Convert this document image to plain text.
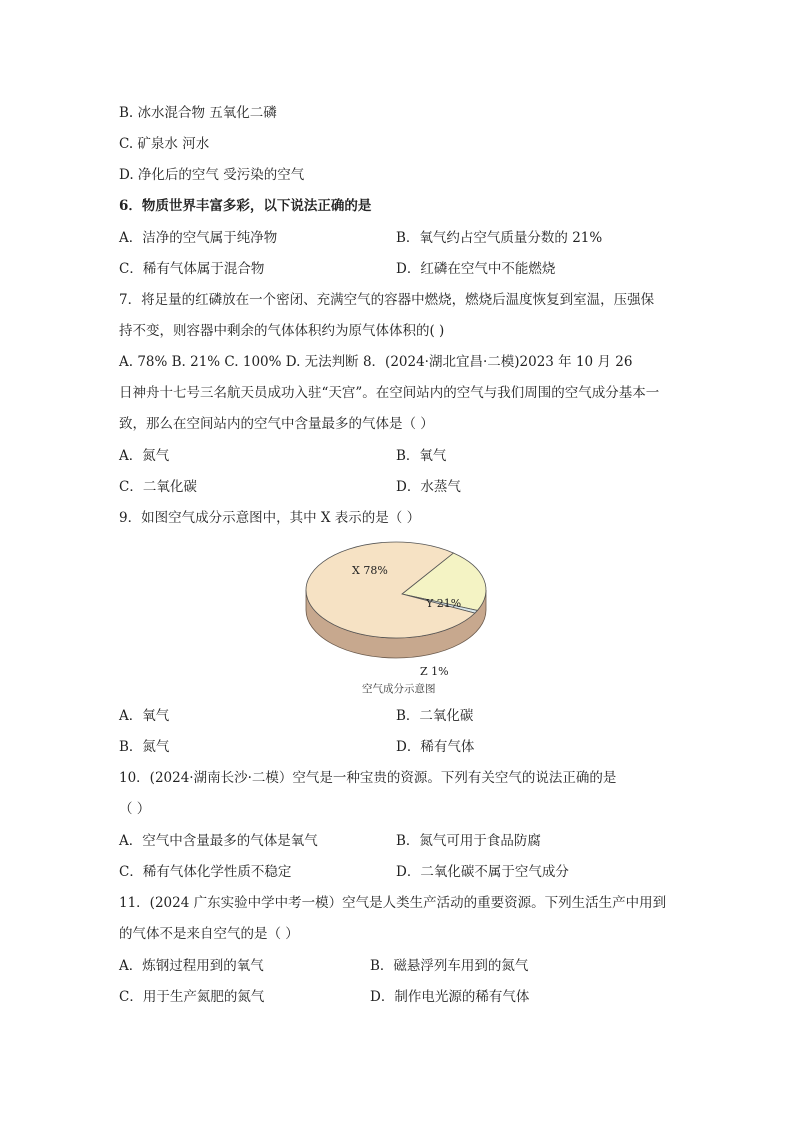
B. 冰水混合物 五氧化二磷
C. 矿泉水 河水
D. 净化后的空气 受污染的空气
6．物质世界丰富多彩，以下说法正确的是
A．洁净的空气属于纯净物	B．氧气约占空气质量分数的 21%
C．稀有气体属于混合物	D．红磷在空气中不能燃烧
7．将足量的红磷放在一个密闭、充满空气的容器中燃烧，燃烧后温度恢复到室温，压强保
持不变，则容器中剩余的气体体积约为原气体体积的( )
A. 78% B. 21% C. 100% D. 无法判断 8．(2024·湖北宜昌·二模)2023 年 10 月 26
日神舟十七号三名航天员成功入驻“天宫”。在空间站内的空气与我们周围的空气成分基本一
致，那么在空间站内的空气中含量最多的气体是（ ）
A．氮气	B．氧气
C．二氧化碳	D．水蒸气
9．如图空气成分示意图中，其中 X 表示的是（ ）
X 78%
Y 21%
Z 1%
空气成分示意图
A．氧气	B．二氧化碳
B．氮气	D．稀有气体
10．(2024·湖南长沙·二模）空气是一种宝贵的资源。下列有关空气的说法正确的是
（ ）
A．空气中含量最多的气体是氧气	B．氮气可用于食品防腐
C．稀有气体化学性质不稳定	D．二氧化碳不属于空气成分
11．(2024 广东实验中学中考一模）空气是人类生产活动的重要资源。下列生活生产中用到
的气体不是来自空气的是（ ）
A．炼钢过程用到的氧气	B．磁悬浮列车用到的氮气
C．用于生产氮肥的氮气	D．制作电光源的稀有气体
